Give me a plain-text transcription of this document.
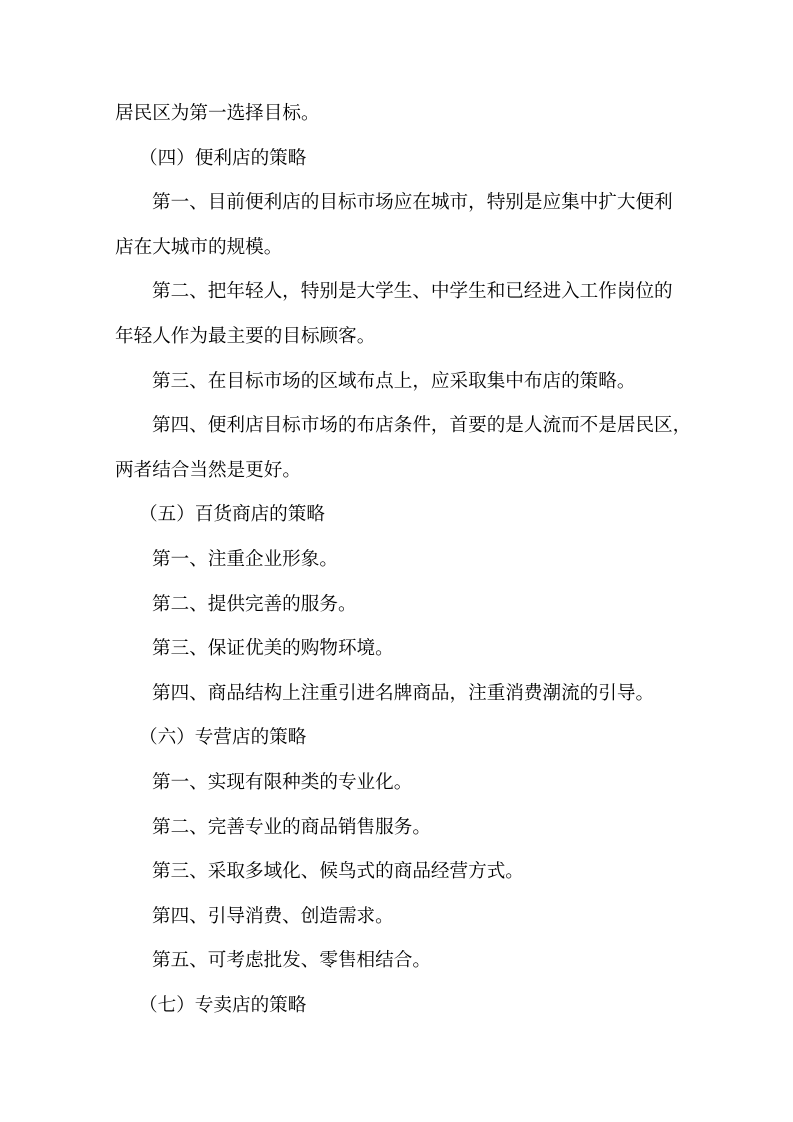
居民区为第一选择目标。
（四）便利店的策略
第一、目前便利店的目标市场应在城市，特别是应集中扩大便利
店在大城市的规模。
第二、把年轻人，特别是大学生、中学生和已经进入工作岗位的
年轻人作为最主要的目标顾客。
第三、在目标市场的区域布点上，应采取集中布店的策略。
第四、便利店目标市场的布店条件，首要的是人流而不是居民区，
两者结合当然是更好。
（五）百货商店的策略
第一、注重企业形象。
第二、提供完善的服务。
第三、保证优美的购物环境。
第四、商品结构上注重引进名牌商品，注重消费潮流的引导。
（六）专营店的策略
第一、实现有限种类的专业化。
第二、完善专业的商品销售服务。
第三、采取多域化、候鸟式的商品经营方式。
第四、引导消费、创造需求。
第五、可考虑批发、零售相结合。
（七）专卖店的策略
